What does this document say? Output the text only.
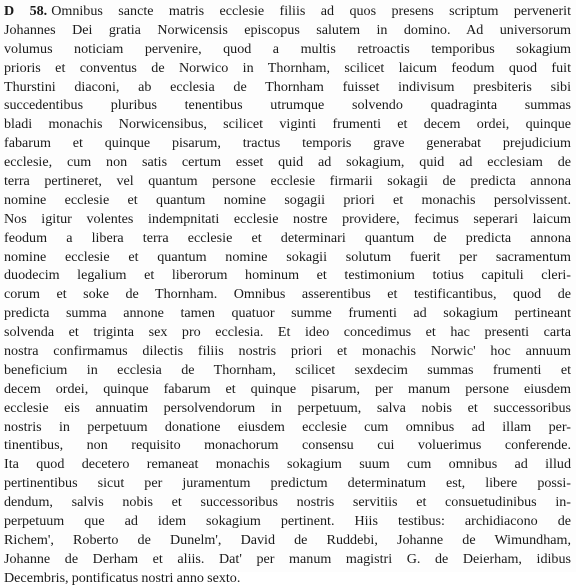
D 58. Omnibus sancte matris ecclesie filiis ad quos presens scriptum pervenerit
Johannes Dei gratia Norwicensis episcopus salutem in domino. Ad universorum
volumus noticiam pervenire, quod a multis retroactis temporibus sokagium
prioris et conventus de Norwico in Thornham, scilicet laicum feodum quod fuit
Thurstini diaconi, ab ecclesia de Thornham fuisset indivisum presbiteris sibi
succedentibus pluribus tenentibus utrumque solvendo quadraginta summas
bladi monachis Norwicensibus, scilicet viginti frumenti et decem ordei, quinque
fabarum et quinque pisarum, tractus temporis grave generabat prejudicium
ecclesie, cum non satis certum esset quid ad sokagium, quid ad ecclesiam de
terra pertineret, vel quantum persone ecclesie firmarii sokagii de predicta annona
nomine ecclesie et quantum nomine sogagii priori et monachis persolvissent.
Nos igitur volentes indempnitati ecclesie nostre providere, fecimus seperari laicum
feodum a libera terra ecclesie et determinari quantum de predicta annona
nomine ecclesie et quantum nomine sokagii solutum fuerit per sacramentum
duodecim legalium et liberorum hominum et testimonium totius capituli cleri-
corum et soke de Thornham. Omnibus asserentibus et testificantibus, quod de
predicta summa annone tamen quatuor summe frumenti ad sokagium pertineant
solvenda et triginta sex pro ecclesia. Et ideo concedimus et hac presenti carta
nostra confirmamus dilectis filiis nostris priori et monachis Norwic' hoc annuum
beneficium in ecclesia de Thornham, scilicet sexdecim summas frumenti et
decem ordei, quinque fabarum et quinque pisarum, per manum persone eiusdem
ecclesie eis annuatim persolvendorum in perpetuum, salva nobis et successoribus
nostris in perpetuum donatione eiusdem ecclesie cum omnibus ad illam per-
tinentibus, non requisito monachorum consensu cui voluerimus conferende.
Ita quod decetero remaneat monachis sokagium suum cum omnibus ad illud
pertinentibus sicut per juramentum predictum determinatum est, libere possi-
dendum, salvis nobis et successoribus nostris servitiis et consuetudinibus in-
perpetuum que ad idem sokagium pertinent. Hiis testibus: archidiacono de
Richem', Roberto de Dunelm', David de Ruddebi, Johanne de Wimundham,
Johanne de Derham et aliis. Dat' per manum magistri G. de Deierham, idibus
Decembris, pontificatus nostri anno sexto.
